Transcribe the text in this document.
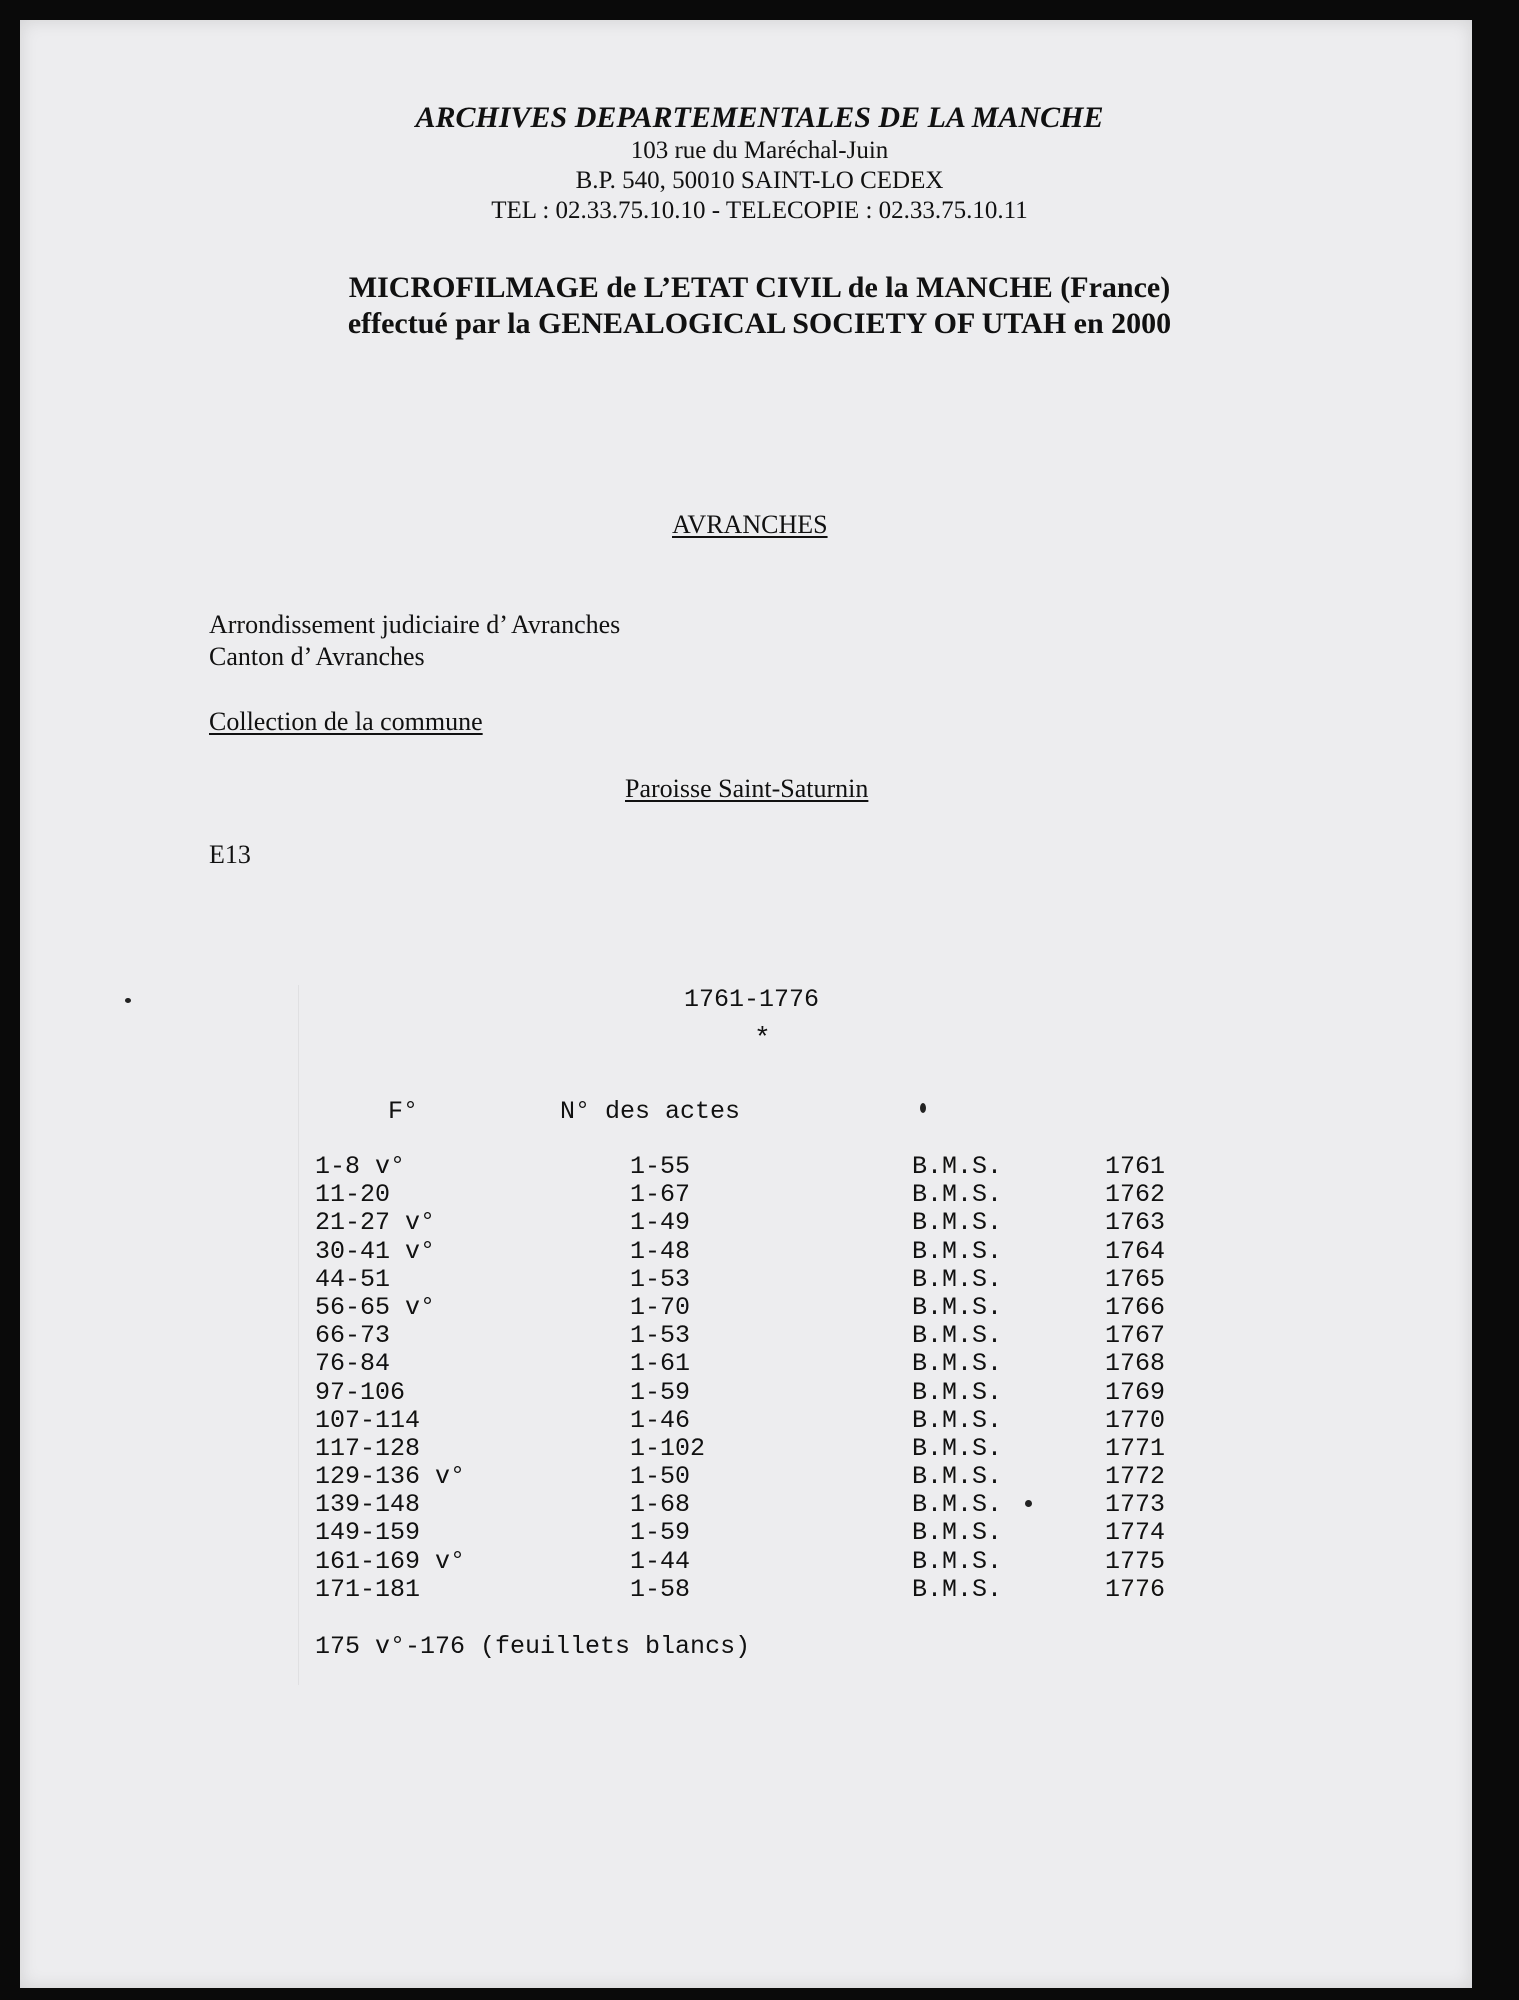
ARCHIVES DEPARTEMENTALES DE LA MANCHE
103 rue du Maréchal-Juin
B.P. 540, 50010 SAINT-LO CEDEX
TEL : 02.33.75.10.10 - TELECOPIE : 02.33.75.10.11
MICROFILMAGE de L’ETAT CIVIL de la MANCHE (France)
effectué par la GENEALOGICAL SOCIETY OF UTAH en 2000
AVRANCHES
Arrondissement judiciaire d’ Avranches
Canton d’ Avranches
Collection de la commune
Paroisse Saint-Saturnin
E13
1761-1776
*
F°	N° des actes
1-8 v°	1-55	B.M.S.	1761
11-20	1-67	B.M.S.	1762
21-27 v°	1-49	B.M.S.	1763
30-41 v°	1-48	B.M.S.	1764
44-51	1-53	B.M.S.	1765
56-65 v°	1-70	B.M.S.	1766
66-73	1-53	B.M.S.	1767
76-84	1-61	B.M.S.	1768
97-106	1-59	B.M.S.	1769
107-114	1-46	B.M.S.	1770
117-128	1-102	B.M.S.	1771
129-136 v°	1-50	B.M.S.	1772
139-148	1-68	B.M.S.	1773
149-159	1-59	B.M.S.	1774
161-169 v°	1-44	B.M.S.	1775
171-181	1-58	B.M.S.	1776
175 v°-176 (feuillets blancs)
